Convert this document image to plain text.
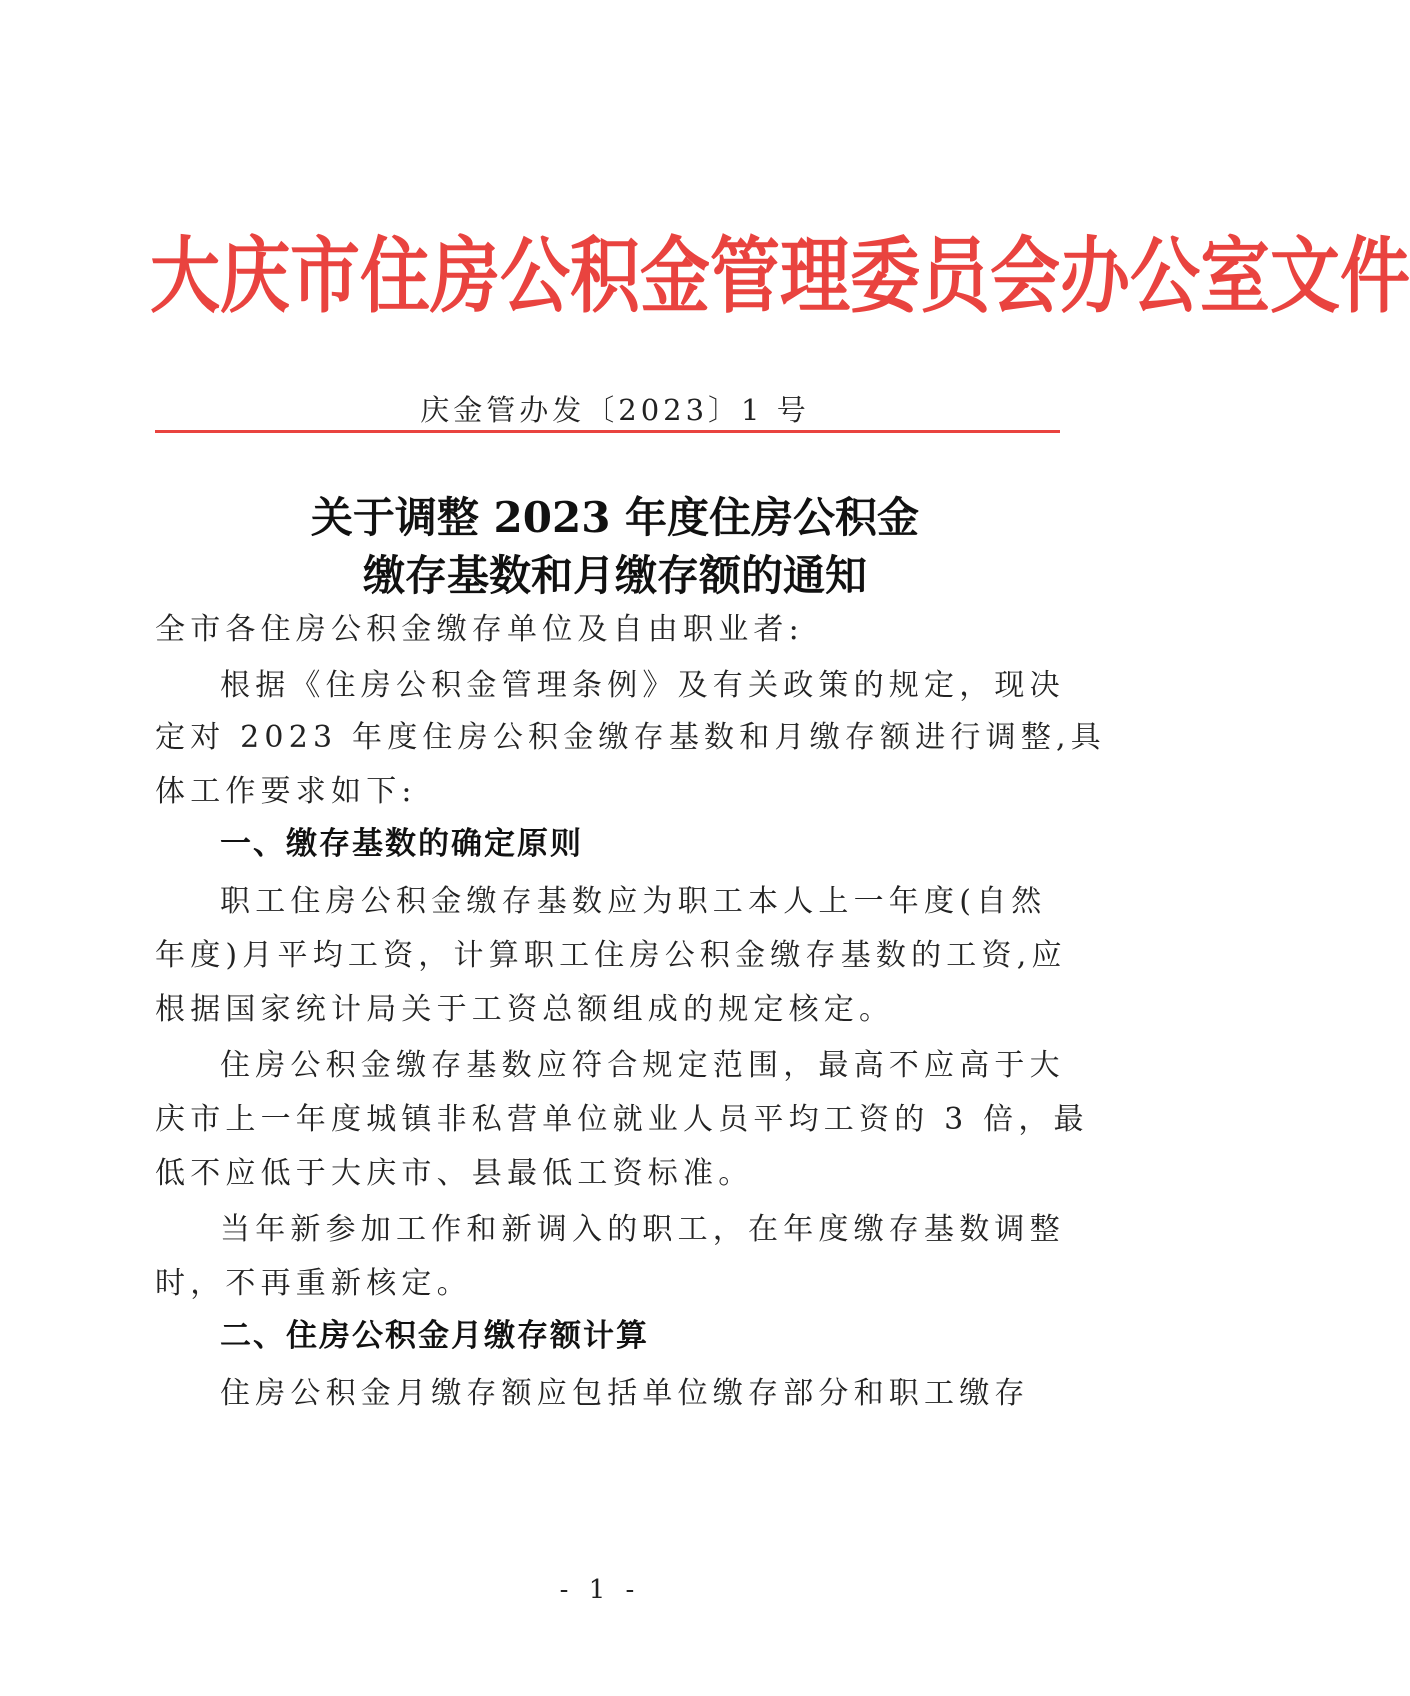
大庆市住房公积金管理委员会办公室文件
庆金管办发〔2023〕1 号
关于调整 2023 年度住房公积金
缴存基数和月缴存额的通知
全市各住房公积金缴存单位及自由职业者:
根据《住房公积金管理条例》及有关政策的规定，现决
定对 2023 年度住房公积金缴存基数和月缴存额进行调整,具
体工作要求如下:
一、缴存基数的确定原则
职工住房公积金缴存基数应为职工本人上一年度(自然
年度)月平均工资，计算职工住房公积金缴存基数的工资,应
根据国家统计局关于工资总额组成的规定核定。
住房公积金缴存基数应符合规定范围，最高不应高于大
庆市上一年度城镇非私营单位就业人员平均工资的 3 倍，最
低不应低于大庆市、县最低工资标准。
当年新参加工作和新调入的职工，在年度缴存基数调整
时，不再重新核定。
二、住房公积金月缴存额计算
住房公积金月缴存额应包括单位缴存部分和职工缴存
- 1 -
